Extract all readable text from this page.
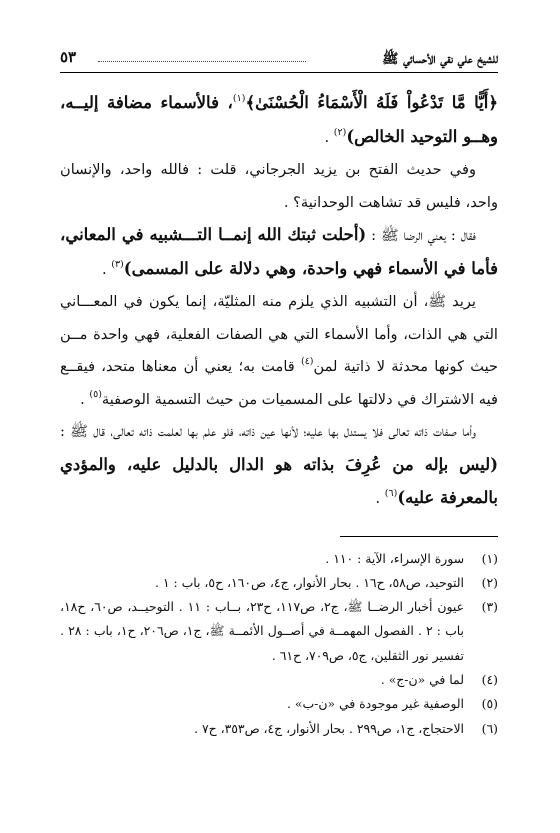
للشيخ علي نقي الأحسائي ﷺ
٥٣

﴿أَيًّا مَّا تَدْعُواْ فَلَهُ الْأَسْمَاءُ الْحُسْنَىٰ﴾$^{(١)}$، فالأسماء مضافة إليــه، وهــو التوحيد الخالص)$^{(٢)}$ .

وفي حديث الفتح بن يزيد الجرجاني، قلت : فالله واحد، والإنسان واحد، فليس قد تشاهت الوحدانية؟ .

فقال : يعني الرضا ﷺ : (أحلت ثبتك الله إنمــا التـــشبيه في المعاني، فأما في الأسماء فهي واحدة، وهي دلالة على المسمى)$^{(٣)}$ .

يريد ﷺ، أن التشبيه الذي يلزم منه المثليّة، إنما يكون في المعـــاني التي هي الذات، وأما الأسماء التي هي الصفات الفعلية، فهي واحدة مــن حيث كونها محدثة لا ذاتية لمن$^{(٤)}$ قامت به؛ يعني أن معناها متحد، فيقــع فيه الاشتراك في دلالتها على المسميات من حيث التسمية الوصفية$^{(٥)}$ .

وأما صفات ذاته تعالى فلا يستدل بها عليه؛ لأنها عين ذاته، فلو علم بها لعلمت ذاته تعالى، قال ﷺ : (ليس بإله من عُرِفَ بذاته هو الدال بالدليل عليه، والمؤدي بالمعرفة عليه)$^{(٦)}$ .

(١)
سورة الإسراء، الآية : ١١٠ .
(٢)
التوحيد، ص٥٨، ح١٦ . بحار الأنوار، ج٤، ص١٦٠، ح٥، باب : ١ .
(٣)
عيون أخبار الرضــا ﷺ، ج٢، ص١١٧، ح٢٣، بــاب : ١١ . التوحيــد، ص٦٠، ح١٨، باب : ٢ . الفصول المهمــة في أصــول الأئمــة ﷺ، ج١، ص٢٠٦، ح١، باب : ٢٨ . تفسير نور الثقلين، ج٥، ص٧٠٩، ح٦١ .
(٤)
لما في «ن-ج» .
(٥)
الوصفية غير موجودة في «ن-ب» .
(٦)
الاحتجاج، ج١، ص٢٩٩ . بحار الأنوار، ج٤، ص٣٥٣، ح٧ .
